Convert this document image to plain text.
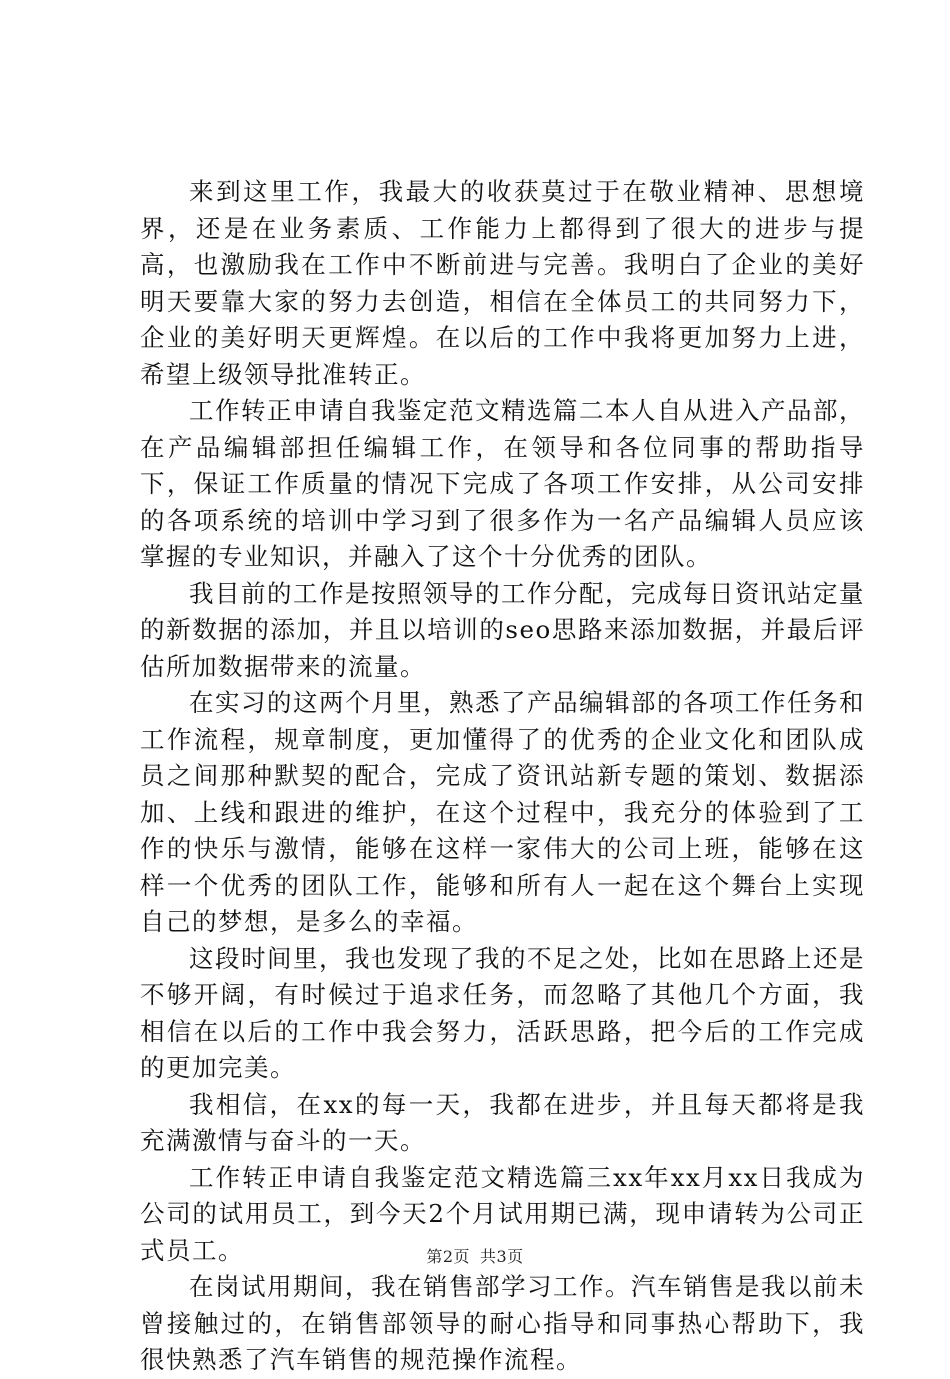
来到这里工作，我最大的收获莫过于在敬业精神、思想境界，还是在业务素质、工作能力上都得到了很大的进步与提高，也激励我在工作中不断前进与完善。我明白了企业的美好明天要靠大家的努力去创造，相信在全体员工的共同努力下，企业的美好明天更辉煌。在以后的工作中我将更加努力上进，希望上级领导批准转正。

工作转正申请自我鉴定范文精选篇二本人自从进入产品部，在产品编辑部担任编辑工作，在领导和各位同事的帮助指导下，保证工作质量的情况下完成了各项工作安排，从公司安排的各项系统的培训中学习到了很多作为一名产品编辑人员应该掌握的专业知识，并融入了这个十分优秀的团队。

我目前的工作是按照领导的工作分配，完成每日资讯站定量的新数据的添加，并且以培训的seo思路来添加数据，并最后评估所加数据带来的流量。

在实习的这两个月里，熟悉了产品编辑部的各项工作任务和工作流程，规章制度，更加懂得了的优秀的企业文化和团队成员之间那种默契的配合，完成了资讯站新专题的策划、数据添加、上线和跟进的维护，在这个过程中，我充分的体验到了工作的快乐与激情，能够在这样一家伟大的公司上班，能够在这样一个优秀的团队工作，能够和所有人一起在这个舞台上实现自己的梦想，是多么的幸福。

这段时间里，我也发现了我的不足之处，比如在思路上还是不够开阔，有时候过于追求任务，而忽略了其他几个方面，我相信在以后的工作中我会努力，活跃思路，把今后的工作完成的更加完美。

我相信，在xx的每一天，我都在进步，并且每天都将是我充满激情与奋斗的一天。

工作转正申请自我鉴定范文精选篇三xx年xx月xx日我成为公司的试用员工，到今天2个月试用期已满，现申请转为公司正式员工。

在岗试用期间，我在销售部学习工作。汽车销售是我以前未曾接触过的，在销售部领导的耐心指导和同事热心帮助下，我很快熟悉了汽车销售的规范操作流程。

第2页 共3页
